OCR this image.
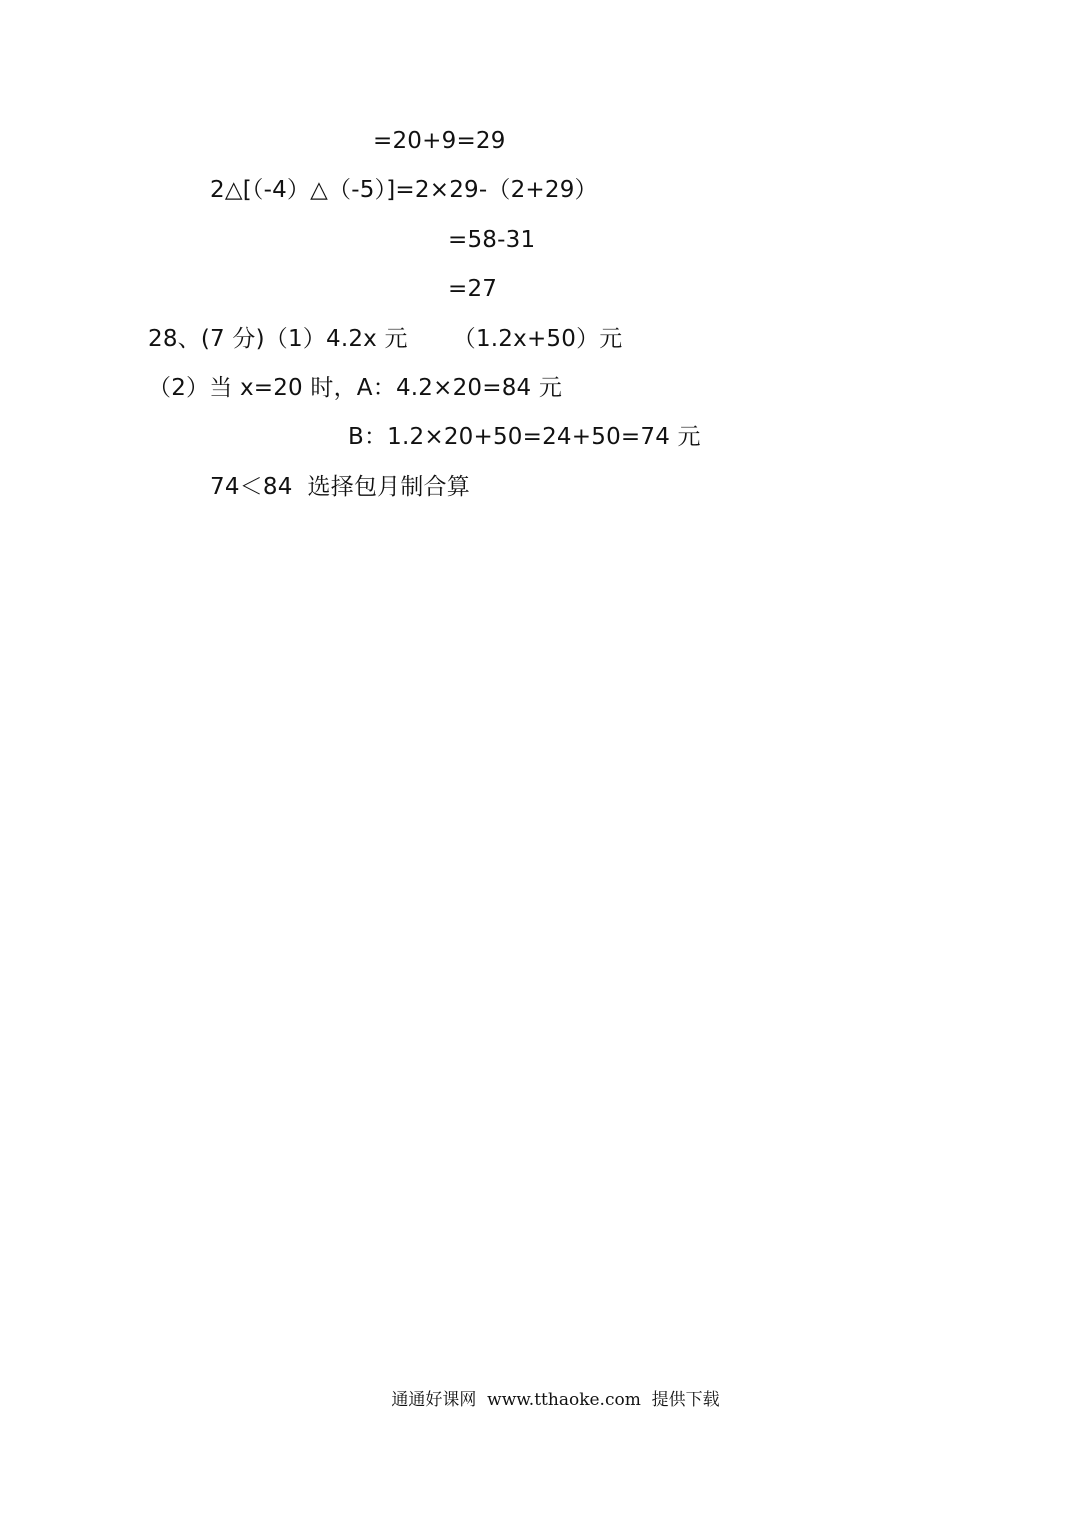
=20+9=29
2△[（-4）△（-5）]=2×29-（2+29）
=58-31
=27
28、(7 分)（1）4.2x 元      （1.2x+50）元
（2）当 x=20 时，A：4.2×20=84 元
B：1.2×20+50=24+50=74 元
74＜84  选择包月制合算
通通好课网  www.tthaoke.com  提供下载
